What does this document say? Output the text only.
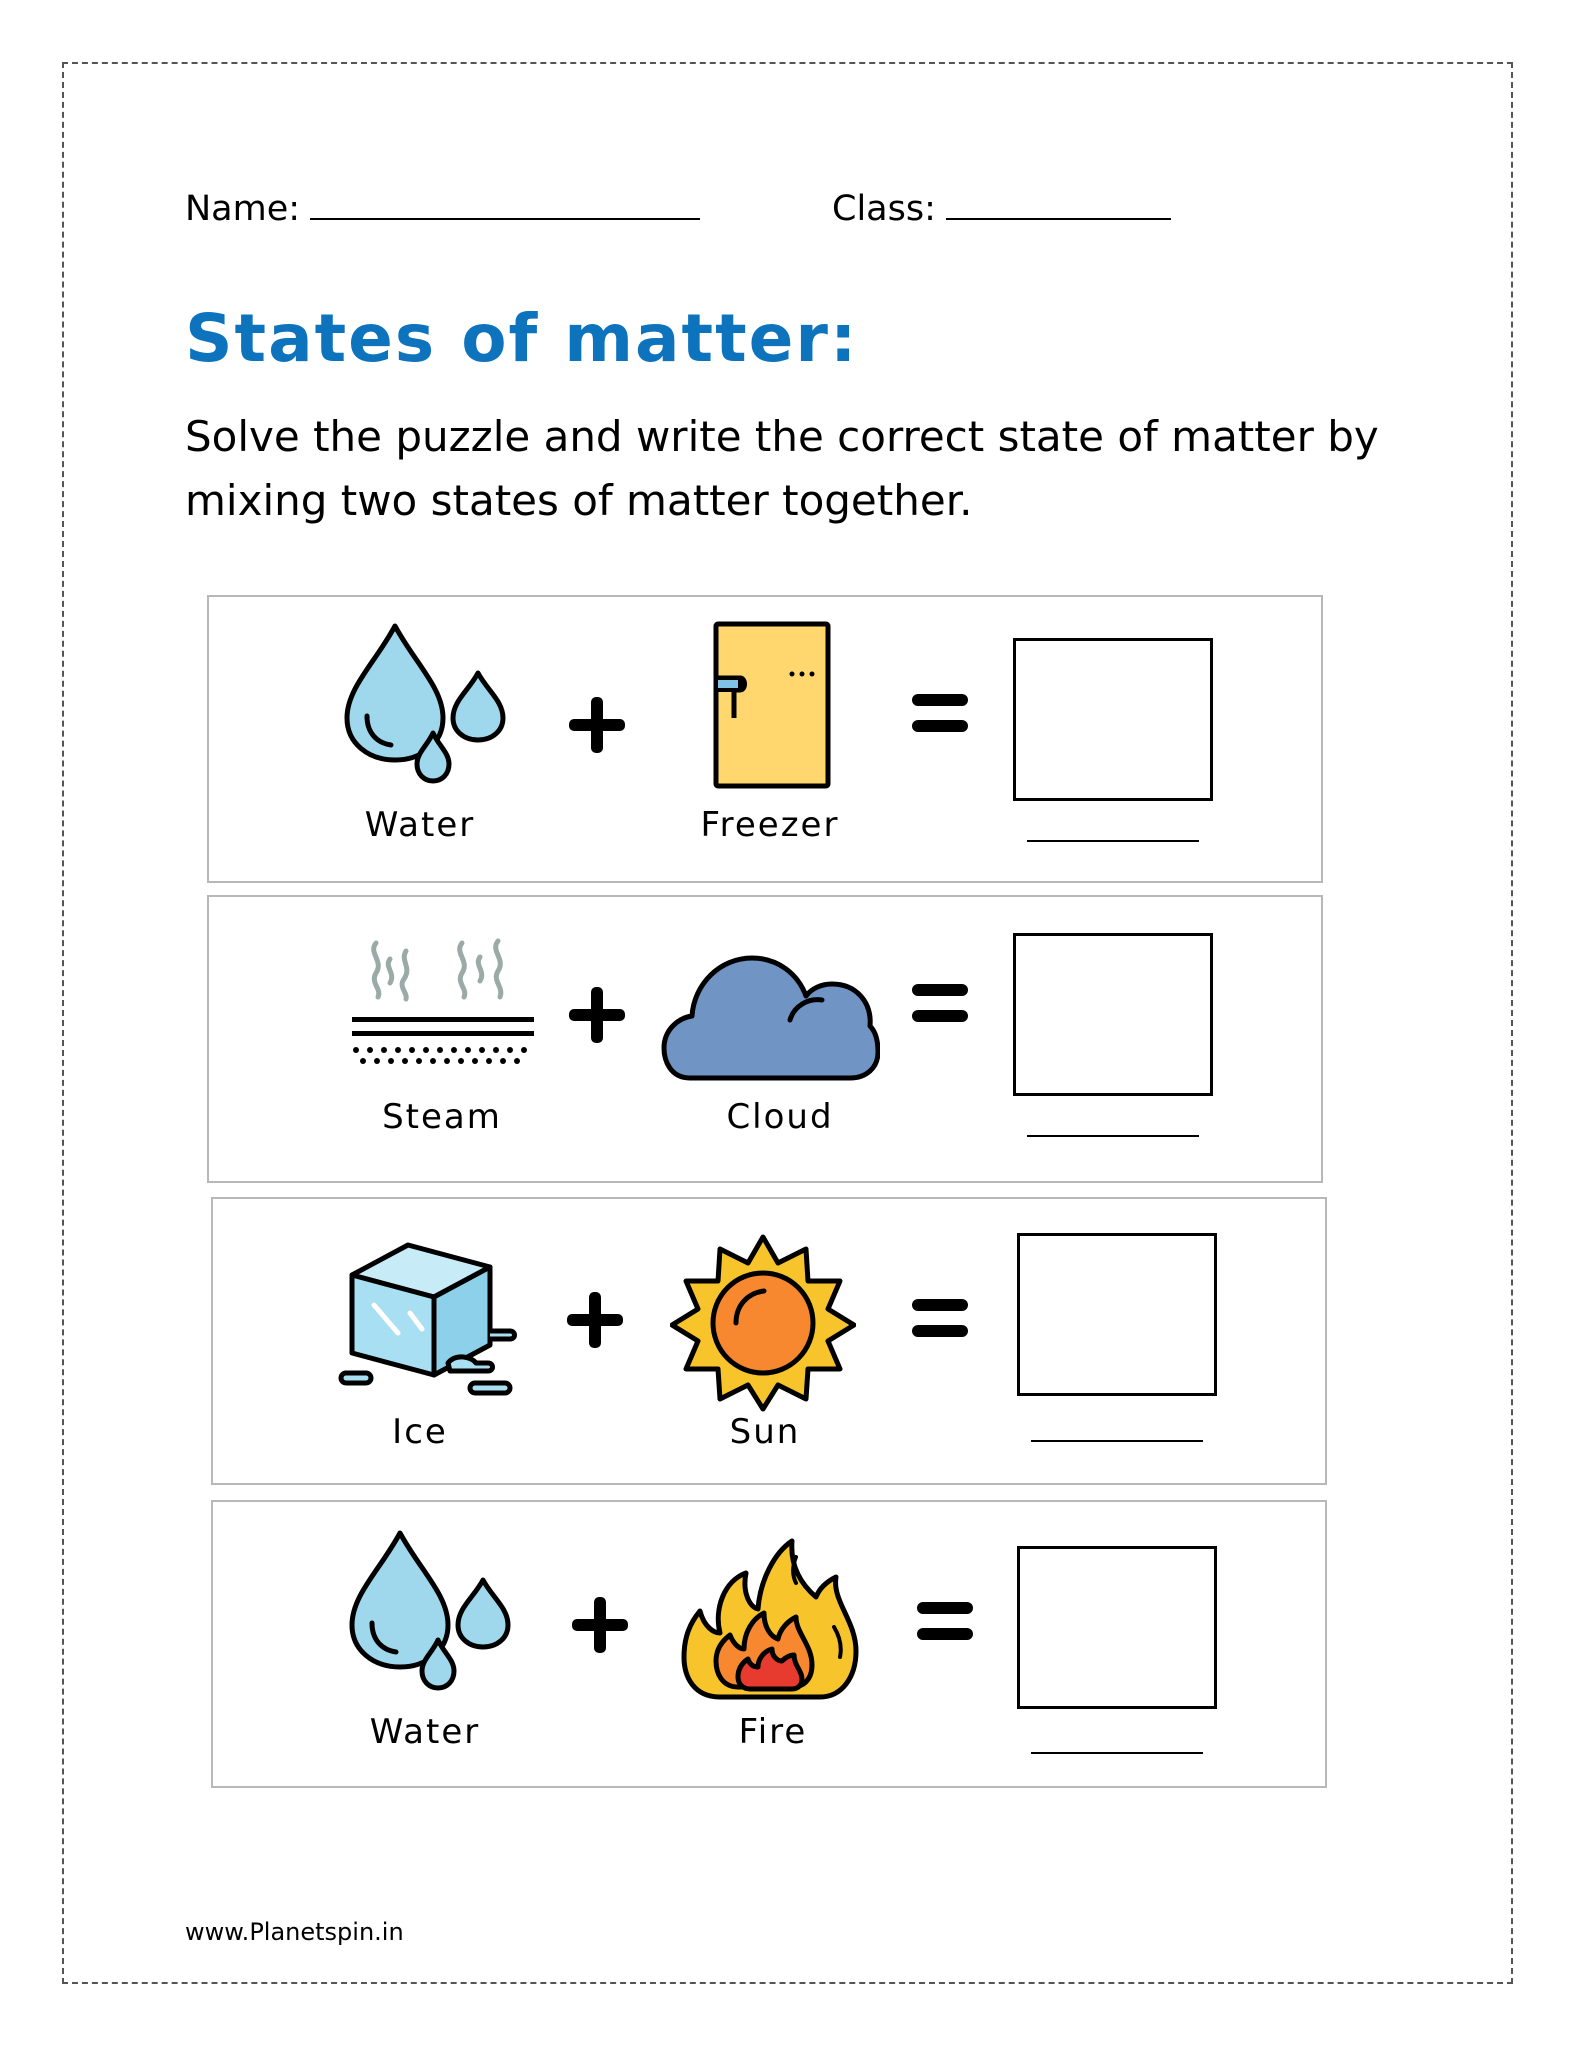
Name:	Class:
States of matter:

Solve the puzzle and write the correct state of matter by mixing two states of matter together.

Water	Freezer
Steam	Cloud
Ice	Sun
Water	Fire
www.Planetspin.in
